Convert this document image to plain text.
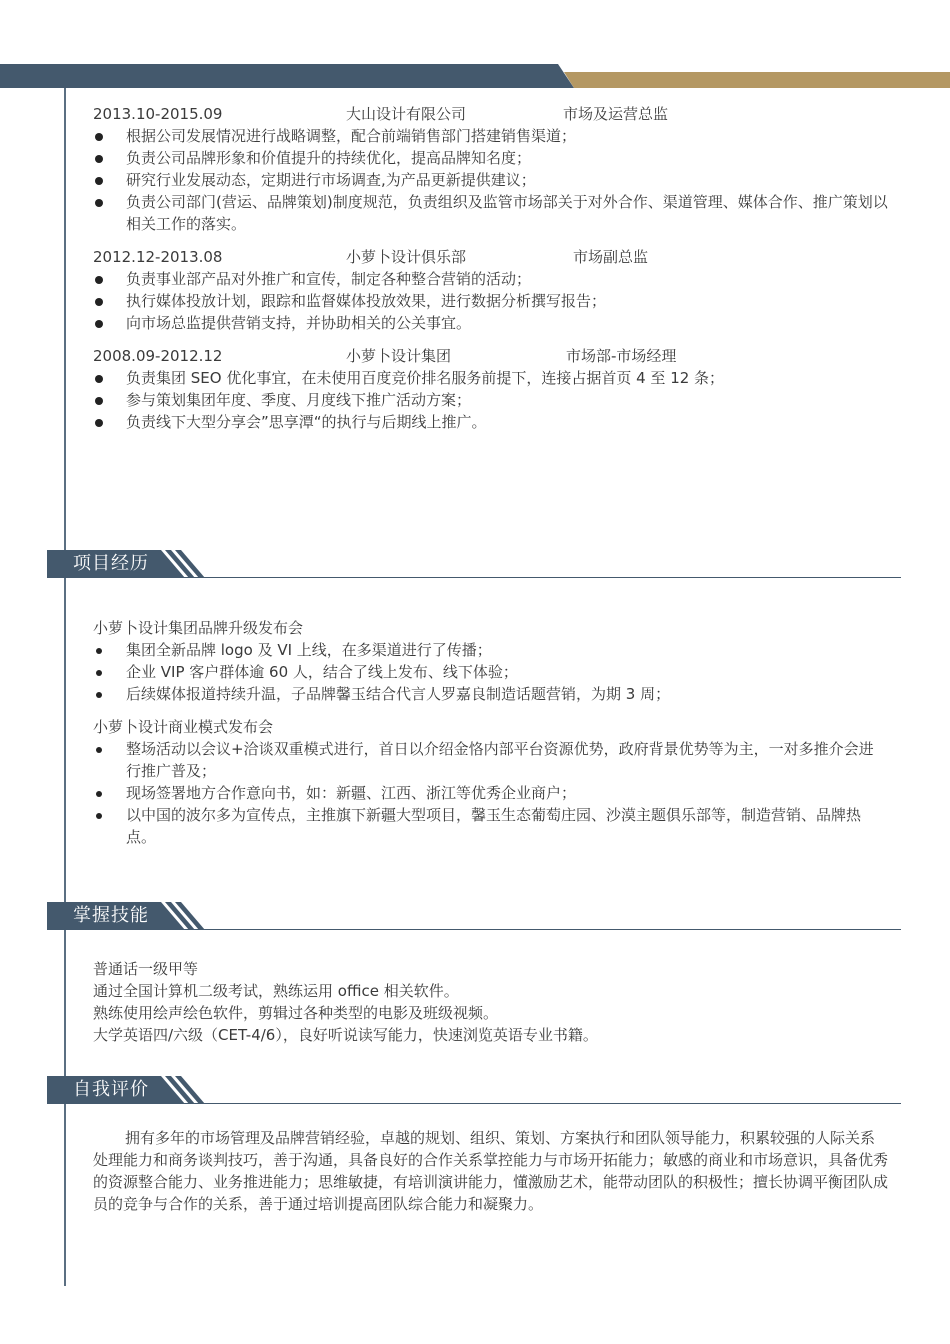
2013.10-2015.09	大山设计有限公司	市场及运营总监
根据公司发展情况进行战略调整，配合前端销售部门搭建销售渠道；
负责公司品牌形象和价值提升的持续优化，提高品牌知名度；
研究行业发展动态，定期进行市场调查,为产品更新提供建议；
负责公司部门(营运、品牌策划)制度规范，负责组织及监管市场部关于对外合作、渠道管理、媒体合作、推广策划以相关工作的落实。
2012.12-2013.08	小萝卜设计俱乐部	市场副总监
负责事业部产品对外推广和宣传，制定各种整合营销的活动；
执行媒体投放计划，跟踪和监督媒体投放效果，进行数据分析撰写报告；
向市场总监提供营销支持，并协助相关的公关事宜。
2008.09-2012.12	小萝卜设计集团	市场部-市场经理
负责集团 SEO 优化事宜，在未使用百度竞价排名服务前提下，连接占据首页 4 至 12 条；
参与策划集团年度、季度、月度线下推广活动方案；
负责线下大型分享会”思享潭“的执行与后期线上推广。
项目经历
小萝卜设计集团品牌升级发布会
集团全新品牌 logo 及 VI 上线，在多渠道进行了传播；
企业 VIP 客户群体逾 60 人，结合了线上发布、线下体验；
后续媒体报道持续升温，子品牌馨玉结合代言人罗嘉良制造话题营销，为期 3 周；
小萝卜设计商业模式发布会
整场活动以会议+洽谈双重模式进行，首日以介绍金恪内部平台资源优势，政府背景优势等为主，一对多推介会进行推广普及；
现场签署地方合作意向书，如：新疆、江西、浙江等优秀企业商户；
以中国的波尔多为宣传点，主推旗下新疆大型项目，馨玉生态葡萄庄园、沙漠主题俱乐部等，制造营销、品牌热点。
掌握技能
普通话一级甲等
通过全国计算机二级考试，熟练运用 office 相关软件。
熟练使用绘声绘色软件，剪辑过各种类型的电影及班级视频。
大学英语四/六级（CET-4/6），良好听说读写能力，快速浏览英语专业书籍。
自我评价
拥有多年的市场管理及品牌营销经验，卓越的规划、组织、策划、方案执行和团队领导能力，积累较强的人际关系处理能力和商务谈判技巧，善于沟通，具备良好的合作关系掌控能力与市场开拓能力；敏感的商业和市场意识，具备优秀的资源整合能力、业务推进能力；思维敏捷，有培训演讲能力，懂激励艺术，能带动团队的积极性；擅长协调平衡团队成员的竞争与合作的关系，善于通过培训提高团队综合能力和凝聚力。
